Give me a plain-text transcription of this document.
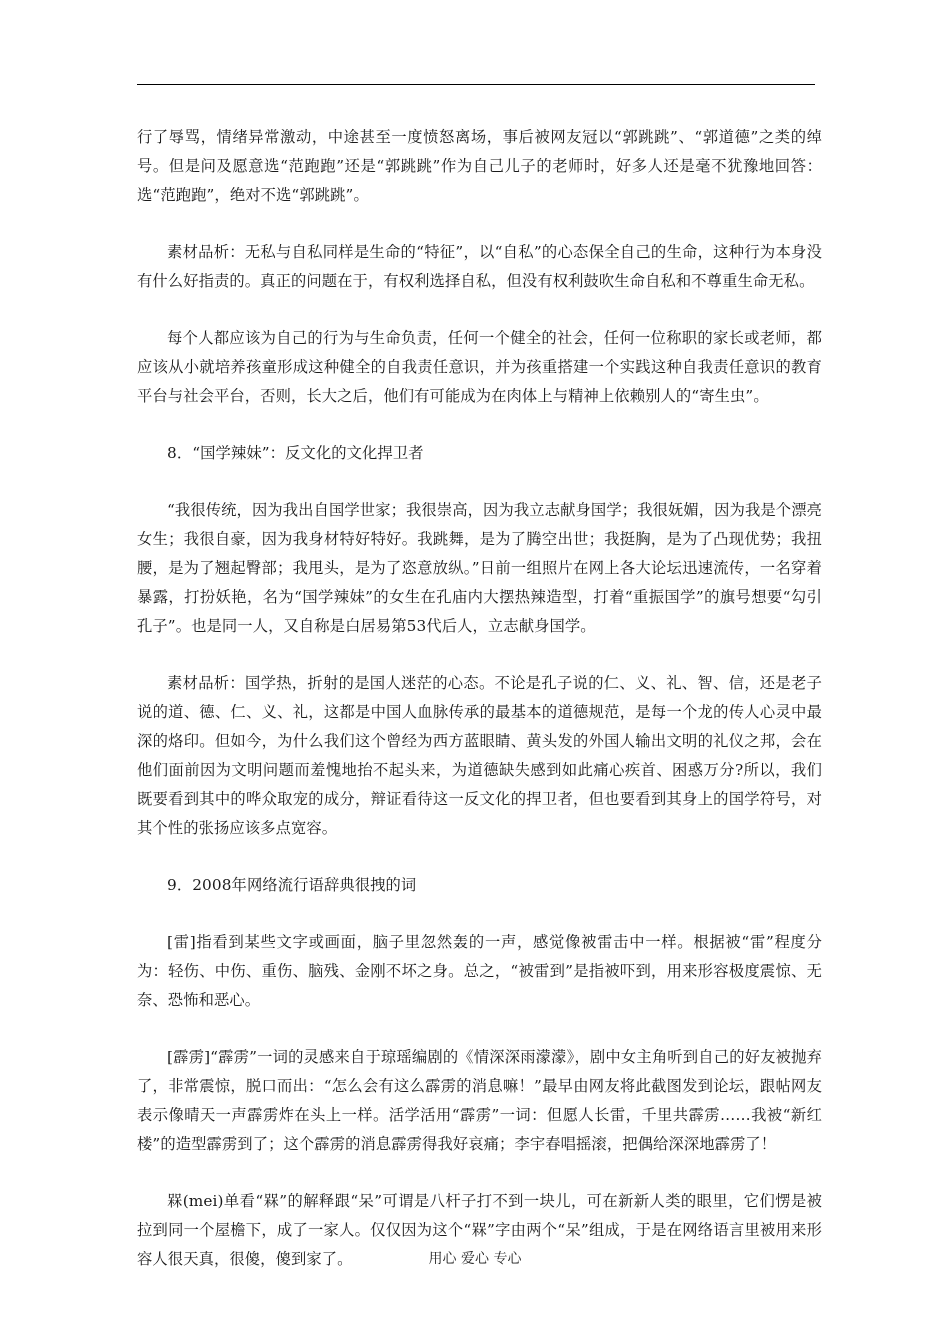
行了辱骂，情绪异常激动，中途甚至一度愤怒离场，事后被网友冠以“郭跳跳”、“郭道德”之类的绰号。但是问及愿意选“范跑跑”还是“郭跳跳”作为自己儿子的老师时，好多人还是毫不犹豫地回答：选“范跑跑”，绝对不选“郭跳跳”。

素材品析：无私与自私同样是生命的“特征”，以“自私”的心态保全自己的生命，这种行为本身没有什么好指责的。真正的问题在于，有权利选择自私，但没有权利鼓吹生命自私和不尊重生命无私。

每个人都应该为自己的行为与生命负责，任何一个健全的社会，任何一位称职的家长或老师，都应该从小就培养孩童形成这种健全的自我责任意识，并为孩重搭建一个实践这种自我责任意识的教育平台与社会平台，否则，长大之后，他们有可能成为在肉体上与精神上依赖别人的“寄生虫”。

8．“国学辣妹”：反文化的文化捍卫者

“我很传统，因为我出自国学世家；我很崇高，因为我立志献身国学；我很妩媚，因为我是个漂亮女生；我很自豪，因为我身材特好特好。我跳舞，是为了腾空出世；我挺胸，是为了凸现优势；我扭腰，是为了翘起臀部；我甩头，是为了恣意放纵。”日前一组照片在网上各大论坛迅速流传，一名穿着暴露，打扮妖艳，名为“国学辣妹”的女生在孔庙内大摆热辣造型，打着“重振国学”的旗号想要“勾引孔子”。也是同一人，又自称是白居易第53代后人，立志献身国学。

素材品析：国学热，折射的是国人迷茫的心态。不论是孔子说的仁、义、礼、智、信，还是老子说的道、德、仁、义、礼，这都是中国人血脉传承的最基本的道德规范，是每一个龙的传人心灵中最深的烙印。但如今，为什么我们这个曾经为西方蓝眼睛、黄头发的外国人输出文明的礼仪之邦，会在他们面前因为文明问题而羞愧地抬不起头来，为道德缺失感到如此痛心疾首、困惑万分?所以，我们既要看到其中的哗众取宠的成分，辩证看待这一反文化的捍卫者，但也要看到其身上的国学符号，对其个性的张扬应该多点宽容。

9．2008年网络流行语辞典很拽的词

[雷]指看到某些文字或画面，脑子里忽然轰的一声，感觉像被雷击中一样。根据被“雷”程度分为：轻伤、中伤、重伤、脑残、金刚不坏之身。总之，“被雷到”是指被吓到，用来形容极度震惊、无奈、恐怖和恶心。

[霹雳]“霹雳”一词的灵感来自于琼瑶编剧的《情深深雨濛濛》，剧中女主角听到自己的好友被抛弃了，非常震惊，脱口而出：“怎么会有这么霹雳的消息嘛！”最早由网友将此截图发到论坛，跟帖网友表示像晴天一声霹雳炸在头上一样。活学活用“霹雳”一词：但愿人长雷，千里共霹雳……我被“新红楼”的造型霹雳到了；这个霹雳的消息霹雳得我好哀痛；李宇春唱摇滚，把偶给深深地霹雳了！

槑(mei)单看“槑”的解释跟“呆”可谓是八杆子打不到一块儿，可在新新人类的眼里，它们愣是被拉到同一个屋檐下，成了一家人。仅仅因为这个“槑”字由两个“呆”组成，于是在网络语言里被用来形容人很天真，很傻，傻到家了。	用心 爱心 专心
